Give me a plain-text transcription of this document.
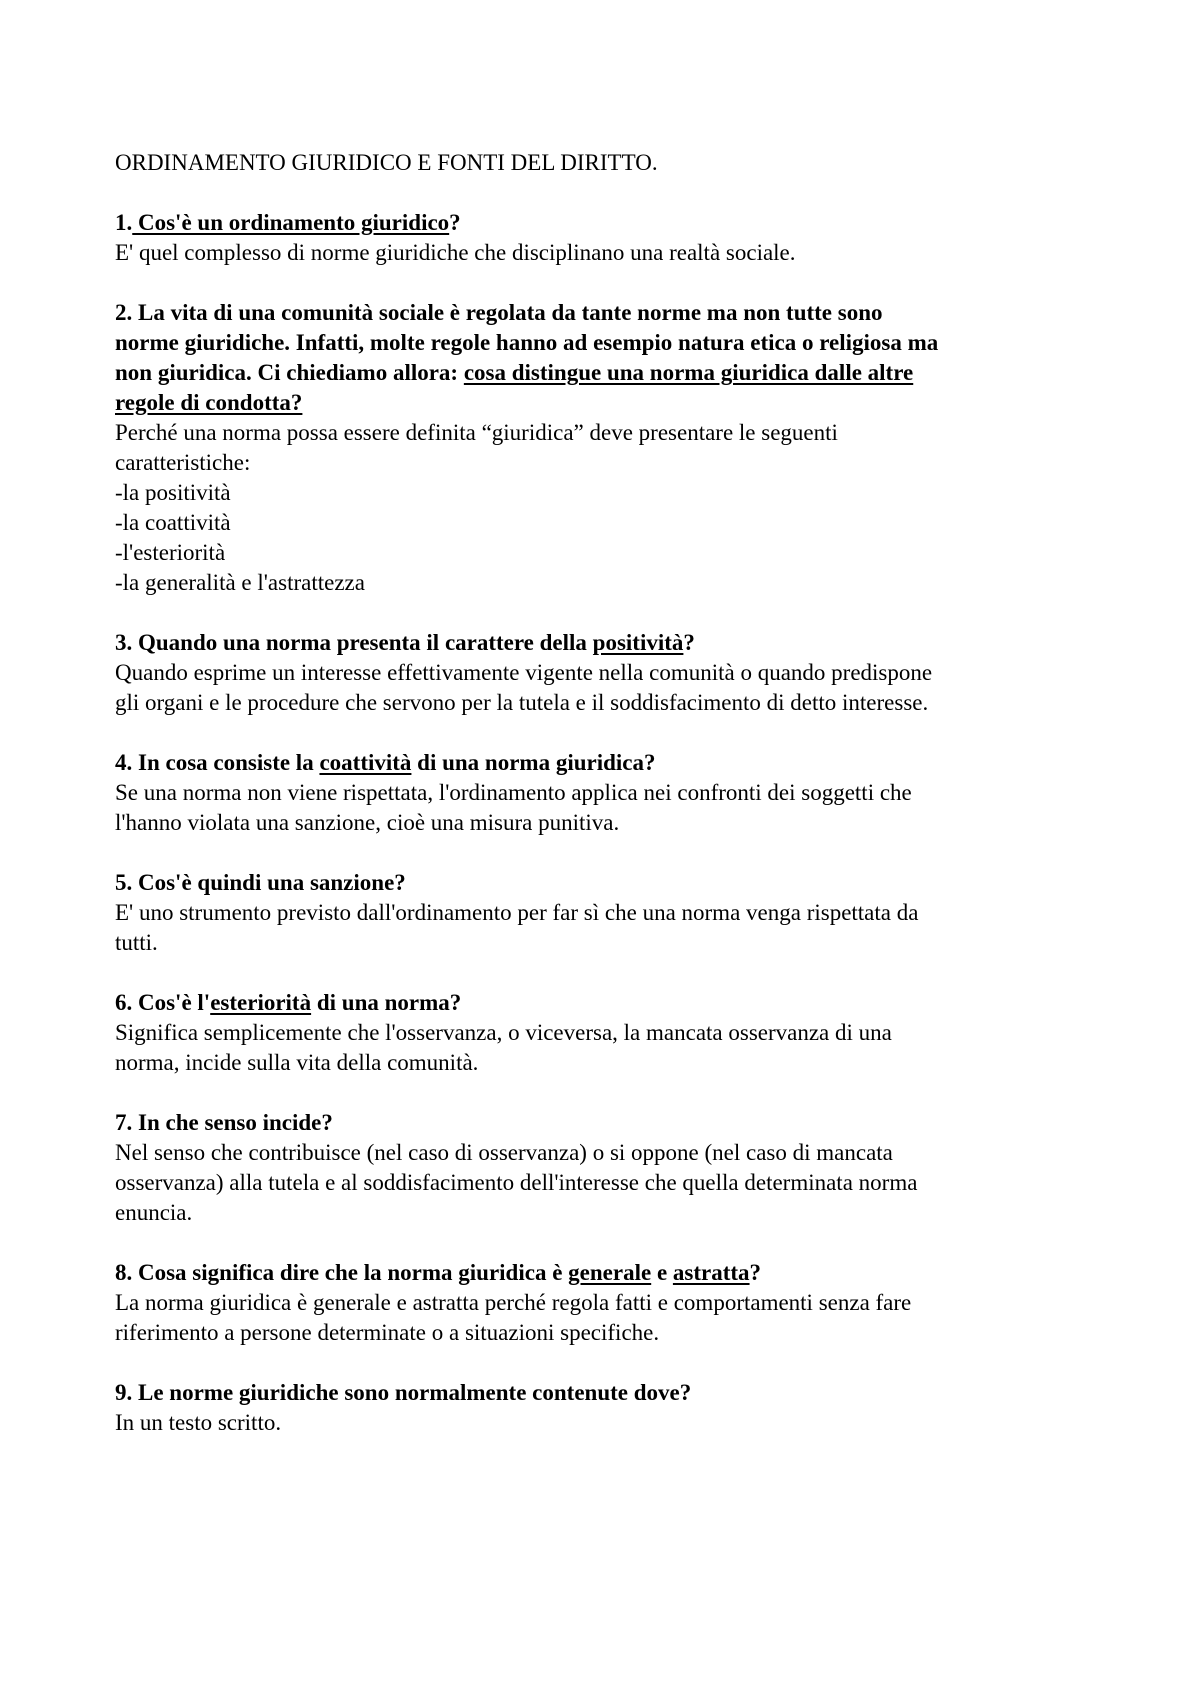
ORDINAMENTO GIURIDICO E FONTI DEL DIRITTO.
1. Cos'è un ordinamento giuridico?
E' quel complesso di norme giuridiche che disciplinano una realtà sociale.
2. La vita di una comunità sociale è regolata da tante norme ma non tutte sono
norme giuridiche. Infatti, molte regole hanno ad esempio natura etica o religiosa ma
non giuridica. Ci chiediamo allora: cosa distingue una norma giuridica dalle altre
regole di condotta?
Perché una norma possa essere definita “giuridica” deve presentare le seguenti
caratteristiche:
-la positività
-la coattività
-l'esteriorità
-la generalità e l'astrattezza
3. Quando una norma presenta il carattere della positività?
Quando esprime un interesse effettivamente vigente nella comunità o quando predispone
gli organi e le procedure che servono per la tutela e il soddisfacimento di detto interesse.
4. In cosa consiste la coattività di una norma giuridica?
Se una norma non viene rispettata, l'ordinamento applica nei confronti dei soggetti che
l'hanno violata una sanzione, cioè una misura punitiva.
5. Cos'è quindi una sanzione?
E' uno strumento previsto dall'ordinamento per far sì che una norma venga rispettata da
tutti.
6. Cos'è l'esteriorità di una norma?
Significa semplicemente che l'osservanza, o viceversa, la mancata osservanza di una
norma, incide sulla vita della comunità.
7. In che senso incide?
Nel senso che contribuisce (nel caso di osservanza) o si oppone (nel caso di mancata
osservanza) alla tutela e al soddisfacimento dell'interesse che quella determinata norma
enuncia.
8. Cosa significa dire che la norma giuridica è generale e astratta?
La norma giuridica è generale e astratta perché regola fatti e comportamenti senza fare
riferimento a persone determinate o a situazioni specifiche.
9. Le norme giuridiche sono normalmente contenute dove?
In un testo scritto.
